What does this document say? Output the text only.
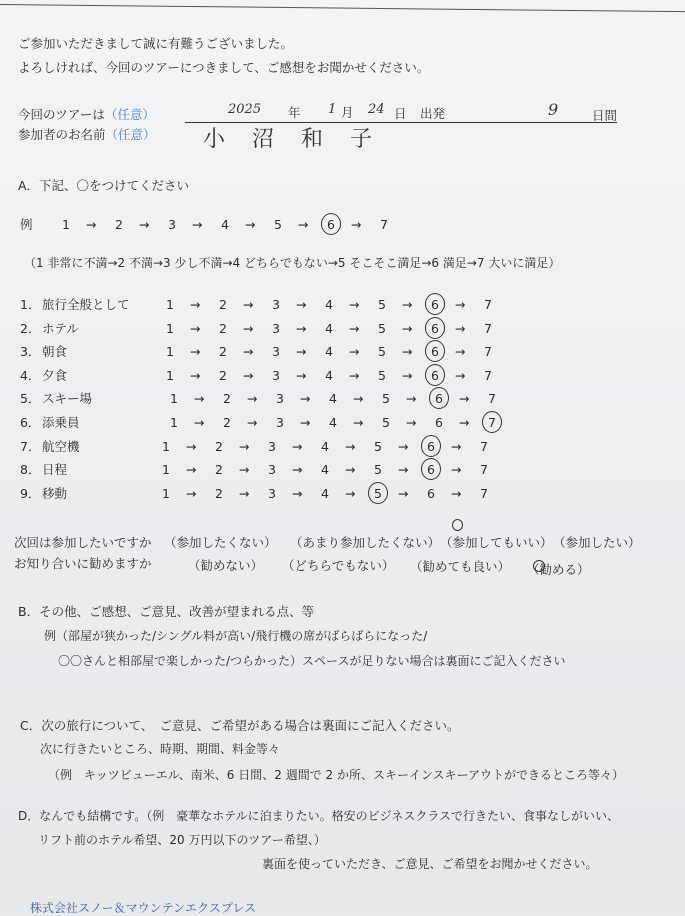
ご参加いただきまして誠に有難うございました。
よろしければ、今回のツアーにつきまして、ご感想をお聞かせください。
今回のツアーは（任意）	2025 年 1 月 24 日 出発	9	日間
参加者のお名前（任意） 小 沼 和 子
A．下記、〇をつけてください
例 1 → 2 → 3 → 4 → 5 → 6 → 7
（1 非常に不満→2 不満→3 少し不満→4 どちらでもない→5 そこそこ満足→6 満足→7 大いに満足）
1． 旅行全般として	1 → 2 → 3 → 4 → 5 → 6 → 7
2． ホテル	1 → 2 → 3 → 4 → 5 → 6 → 7
3． 朝食	1 → 2 → 3 → 4 → 5 → 6 → 7
4． 夕食	1 → 2 → 3 → 4 → 5 → 6 → 7
5． スキー場	1 → 2 → 3 → 4 → 5 → 6 → 7
6． 添乗員	1 → 2 → 3 → 4 → 5 → 6 → 7
7． 航空機	1 → 2 → 3 → 4 → 5 → 6 → 7
8． 日程	1 → 2 → 3 → 4 → 5 → 6 → 7
9． 移動	1 → 2 → 3 → 4 → 5 → 6 → 7
次回は参加したいですか （参加したくない） （あまり参加したくない） （参加してもいい） （参加したい）
お知り合いに勧めますか	（勧めない） （どちらでもない） （勧めても良い） （勧める）
B．その他、ご感想、ご意見、改善が望まれる点、等
例（部屋が狭かった/シングル料が高い/飛行機の席がばらばらになった/
〇〇さんと相部屋で楽しかった/つらかった）スペースが足りない場合は裏面にご記入ください
C．次の旅行について、　ご意見、ご希望がある場合は裏面にご記入ください。
次に行きたいところ、時期、期間、料金等々
（例　キッツビューエル、南米、6 日間、2 週間で 2 か所、スキーインスキーアウトができるところ等々）
D．なんでも結構です。（例　豪華なホテルに泊まりたい。格安のビジネスクラスで行きたい、食事なしがいい、
リフト前のホテル希望、20 万円以下のツアー希望、）
裏面を使っていただき、ご意見、ご希望をお聞かせください。
株式会社スノー＆マウンテンエクスプレス
